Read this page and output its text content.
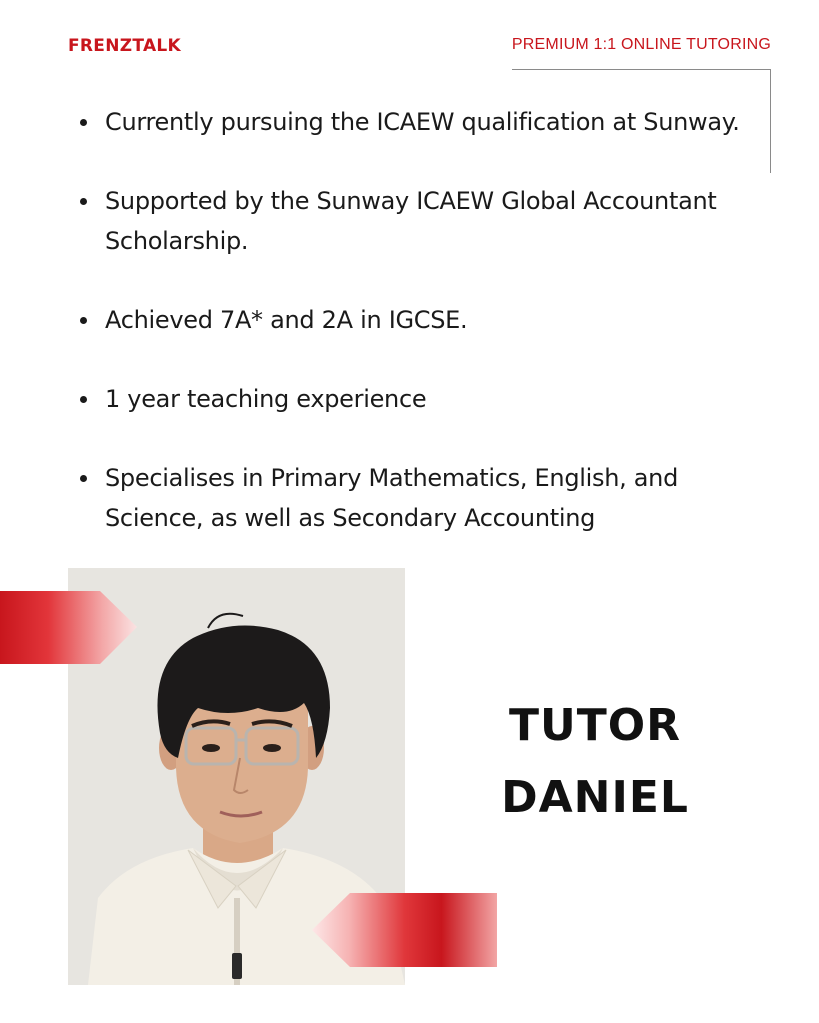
FRENZTALK	PREMIUM 1:1 ONLINE TUTORING
Currently pursuing the ICAEW qualification at Sunway.
Supported by the Sunway ICAEW Global Accountant Scholarship.
Achieved 7A* and 2A in IGCSE.
1 year teaching experience
Specialises in Primary Mathematics, English, and Science, as well as Secondary Accounting
TUTOR
DANIEL
